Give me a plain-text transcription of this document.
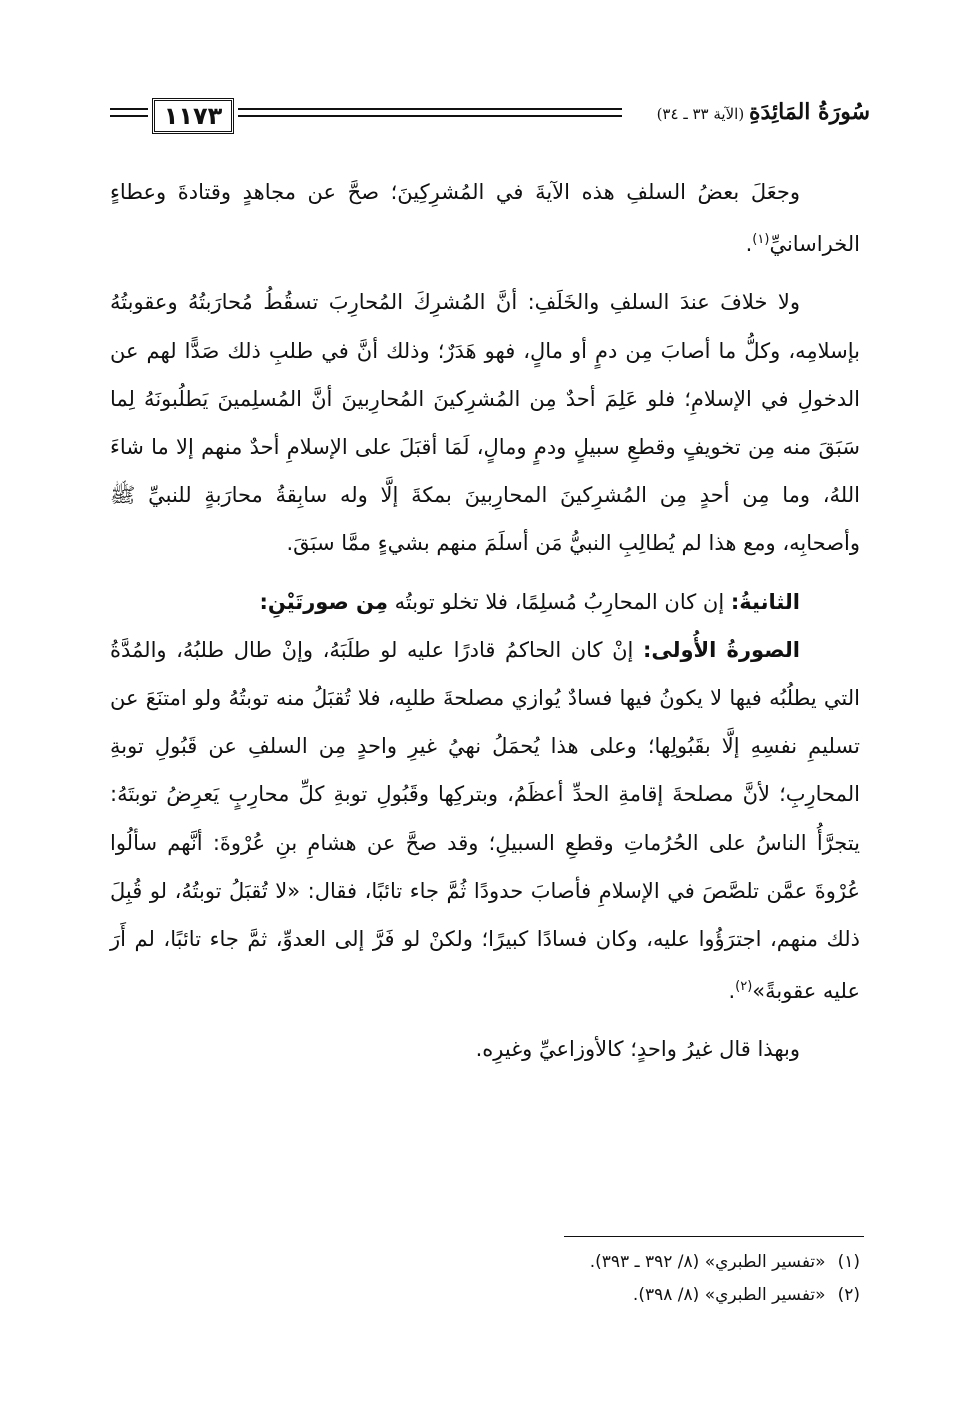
١١٧٣	سُورَةُ المَائِدَةِ (الآية ٣٣ ـ ٣٤)

وجعَلَ بعضُ السلفِ هذه الآيةَ في المُشرِكِينَ؛ صحَّ عن مجاهدٍ وقتادةَ وعطاءٍ الخراسانيِّ$^{(١)}$.

ولا خلافَ عندَ السلفِ والخَلَفِ: أنَّ المُشرِكَ المُحارِبَ تسقُطُ مُحارَبتُهُ وعقوبتُهُ بإسلامِه، وكلُّ ما أصابَ مِن دمٍ أو مالٍ، فهو هَدَرٌ؛ وذلك أنَّ في طلبِ ذلك صَدًّا لهم عن الدخولِ في الإسلامِ؛ فلو عَلِمَ أحدٌ مِن المُشرِكينَ المُحارِبينَ أنَّ المُسلِمينَ يَطلُبونَهُ لِما سَبَقَ منه مِن تخويفٍ وقطعِ سبيلٍ ودمٍ ومالٍ، لَمَا أقبَلَ على الإسلامِ أحدٌ منهم إلا ما شاءَ اللهُ، وما مِن أحدٍ مِن المُشرِكينَ المحارِبينَ بمكةَ إلَّا وله سابِقةُ محارَبةٍ للنبيِّ ﷺ وأصحابِه، ومع هذا لم يُطالِبِ النبيُّ مَن أسلَمَ منهم بشيءٍ ممَّا سبَقَ.

الثانيةُ: إن كان المحارِبُ مُسلِمًا، فلا تخلو توبتُه مِن صورتَيْنِ:

الصورةُ الأُولى: إنْ كان الحاكمُ قادرًا عليه لو طلَبَهُ، وإنْ طال طلبُهُ، والمُدَّةُ التي يطلُبُه فيها لا يكونُ فيها فسادٌ يُوازي مصلحةَ طلبِه، فلا تُقبَلُ منه توبتُهُ ولو امتنَعَ عن تسليمِ نفسِهِ إلَّا بقَبُولِها؛ وعلى هذا يُحمَلُ نهيُ غيرِ واحدٍ مِن السلفِ عن قَبُولِ توبةِ المحارِبِ؛ لأنَّ مصلحةَ إقامةِ الحدِّ أعظَمُ، وبتركِها وقَبُولِ توبةِ كلِّ محارِبٍ يَعرِضُ توبتَهُ: يتجرَّأُ الناسُ على الحُرُماتِ وقطعِ السبيلِ؛ وقد صحَّ عن هشامِ بنِ عُرْوةَ: أنَّهم سألُوا عُرْوةَ عمَّن تلصَّصَ في الإسلامِ فأصابَ حدودًا ثُمَّ جاء تائبًا، فقال: «لا تُقبَلُ توبتُهُ، لو قُبِلَ ذلك منهم، اجترَؤُوا عليه، وكان فسادًا كبيرًا؛ ولكنْ لو فَرَّ إلى العدوِّ، ثمَّ جاء تائبًا، لم أَرَ عليه عقوبةً»$^{(٢)}$.

وبهذا قال غيرُ واحدٍ؛ كالأوزاعيِّ وغيرِه.

(١)«تفسير الطبري» (٨/ ٣٩٢ ـ ٣٩٣).
(٢)«تفسير الطبري» (٨/ ٣٩٨).
